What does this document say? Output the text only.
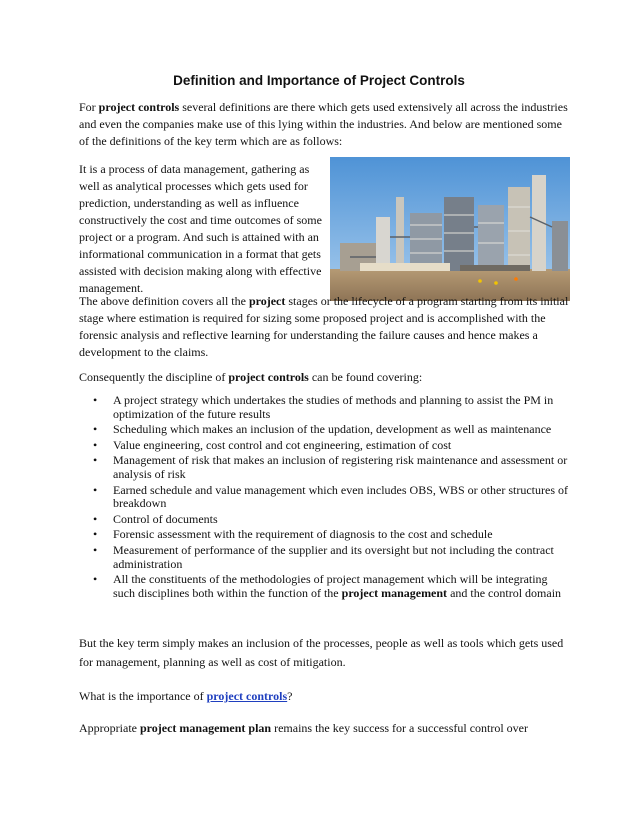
Definition and Importance of Project Controls

For project controls several definitions are there which gets used extensively all across the industries and even the companies make use of this lying within the industries. And below are mentioned some of the definitions of the key term which are as follows:

It is a process of data management, gathering as well as analytical processes which gets used for prediction, understanding as well as influence constructively the cost and time outcomes of some project or a program. And such is attained with an informational communication in a format that gets assisted with decision making along with effective management.

The above definition covers all the project stages or the lifecycle of a program starting from its initial stage where estimation is required for sizing some proposed project and is accomplished with the forensic analysis and reflective learning for understanding the failure causes and hence makes a development to the claims.

Consequently the discipline of project controls can be found covering:

• A project strategy which undertakes the studies of methods and planning to assist the PM in optimization of the future results
• Scheduling which makes an inclusion of the updation, development as well as maintenance
• Value engineering, cost control and cot engineering, estimation of cost
• Management of risk that makes an inclusion of registering risk maintenance and assessment or analysis of risk
• Earned schedule and value management which even includes OBS, WBS or other structures of breakdown
• Control of documents
• Forensic assessment with the requirement of diagnosis to the cost and schedule
• Measurement of performance of the supplier and its oversight but not including the contract administration
• All the constituents of the methodologies of project management which will be integrating such disciplines both within the function of the project management and the control domain

But the key term simply makes an inclusion of the processes, people as well as tools which gets used for management, planning as well as cost of mitigation.

What is the importance of project controls?

Appropriate project management plan remains the key success for a successful control over
